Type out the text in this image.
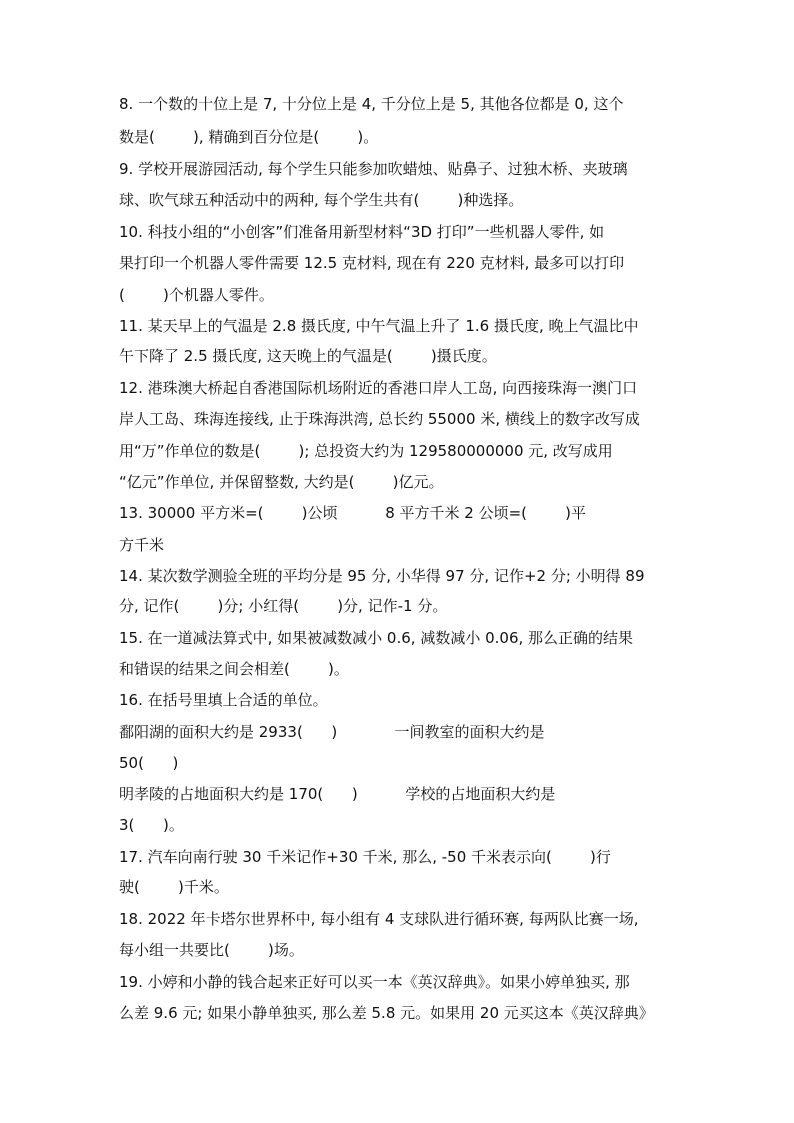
8. 一个数的十位上是 7, 十分位上是 4, 千分位上是 5, 其他各位都是 0, 这个
数是(        ), 精确到百分位是(        )。
9. 学校开展游园活动, 每个学生只能参加吹蜡烛、贴鼻子、过独木桥、夹玻璃
球、吹气球五种活动中的两种, 每个学生共有(        )种选择。
10. 科技小组的“小创客”们准备用新型材料“3D 打印”一些机器人零件, 如
果打印一个机器人零件需要 12.5 克材料, 现在有 220 克材料, 最多可以打印
(        )个机器人零件。
11. 某天早上的气温是 2.8 摄氏度, 中午气温上升了 1.6 摄氏度, 晚上气温比中
午下降了 2.5 摄氏度, 这天晚上的气温是(        )摄氏度。
12. 港珠澳大桥起自香港国际机场附近的香港口岸人工岛, 向西接珠海一澳门口
岸人工岛、珠海连接线, 止于珠海洪湾, 总长约 55000 米, 横线上的数字改写成
用“万”作单位的数是(        ); 总投资大约为 129580000000 元, 改写成用
“亿元”作单位, 并保留整数, 大约是(        )亿元。
13. 30000 平方米=(        )公顷          8 平方千米 2 公顷=(        )平
方千米
14. 某次数学测验全班的平均分是 95 分, 小华得 97 分, 记作+2 分; 小明得 89
分, 记作(        )分; 小红得(        )分, 记作-1 分。
15. 在一道减法算式中, 如果被减数减小 0.6, 减数减小 0.06, 那么正确的结果
和错误的结果之间会相差(        )。
16. 在括号里填上合适的单位。
鄱阳湖的面积大约是 2933(      )            一间教室的面积大约是
50(      )
明孝陵的占地面积大约是 170(      )          学校的占地面积大约是
3(      )。
17. 汽车向南行驶 30 千米记作+30 千米, 那么, -50 千米表示向(        )行
驶(        )千米。
18. 2022 年卡塔尔世界杯中, 每小组有 4 支球队进行循环赛, 每两队比赛一场,
每小组一共要比(        )场。
19. 小婷和小静的钱合起来正好可以买一本《英汉辞典》。如果小婷单独买, 那
么差 9.6 元; 如果小静单独买, 那么差 5.8 元。如果用 20 元买这本《英汉辞典》
